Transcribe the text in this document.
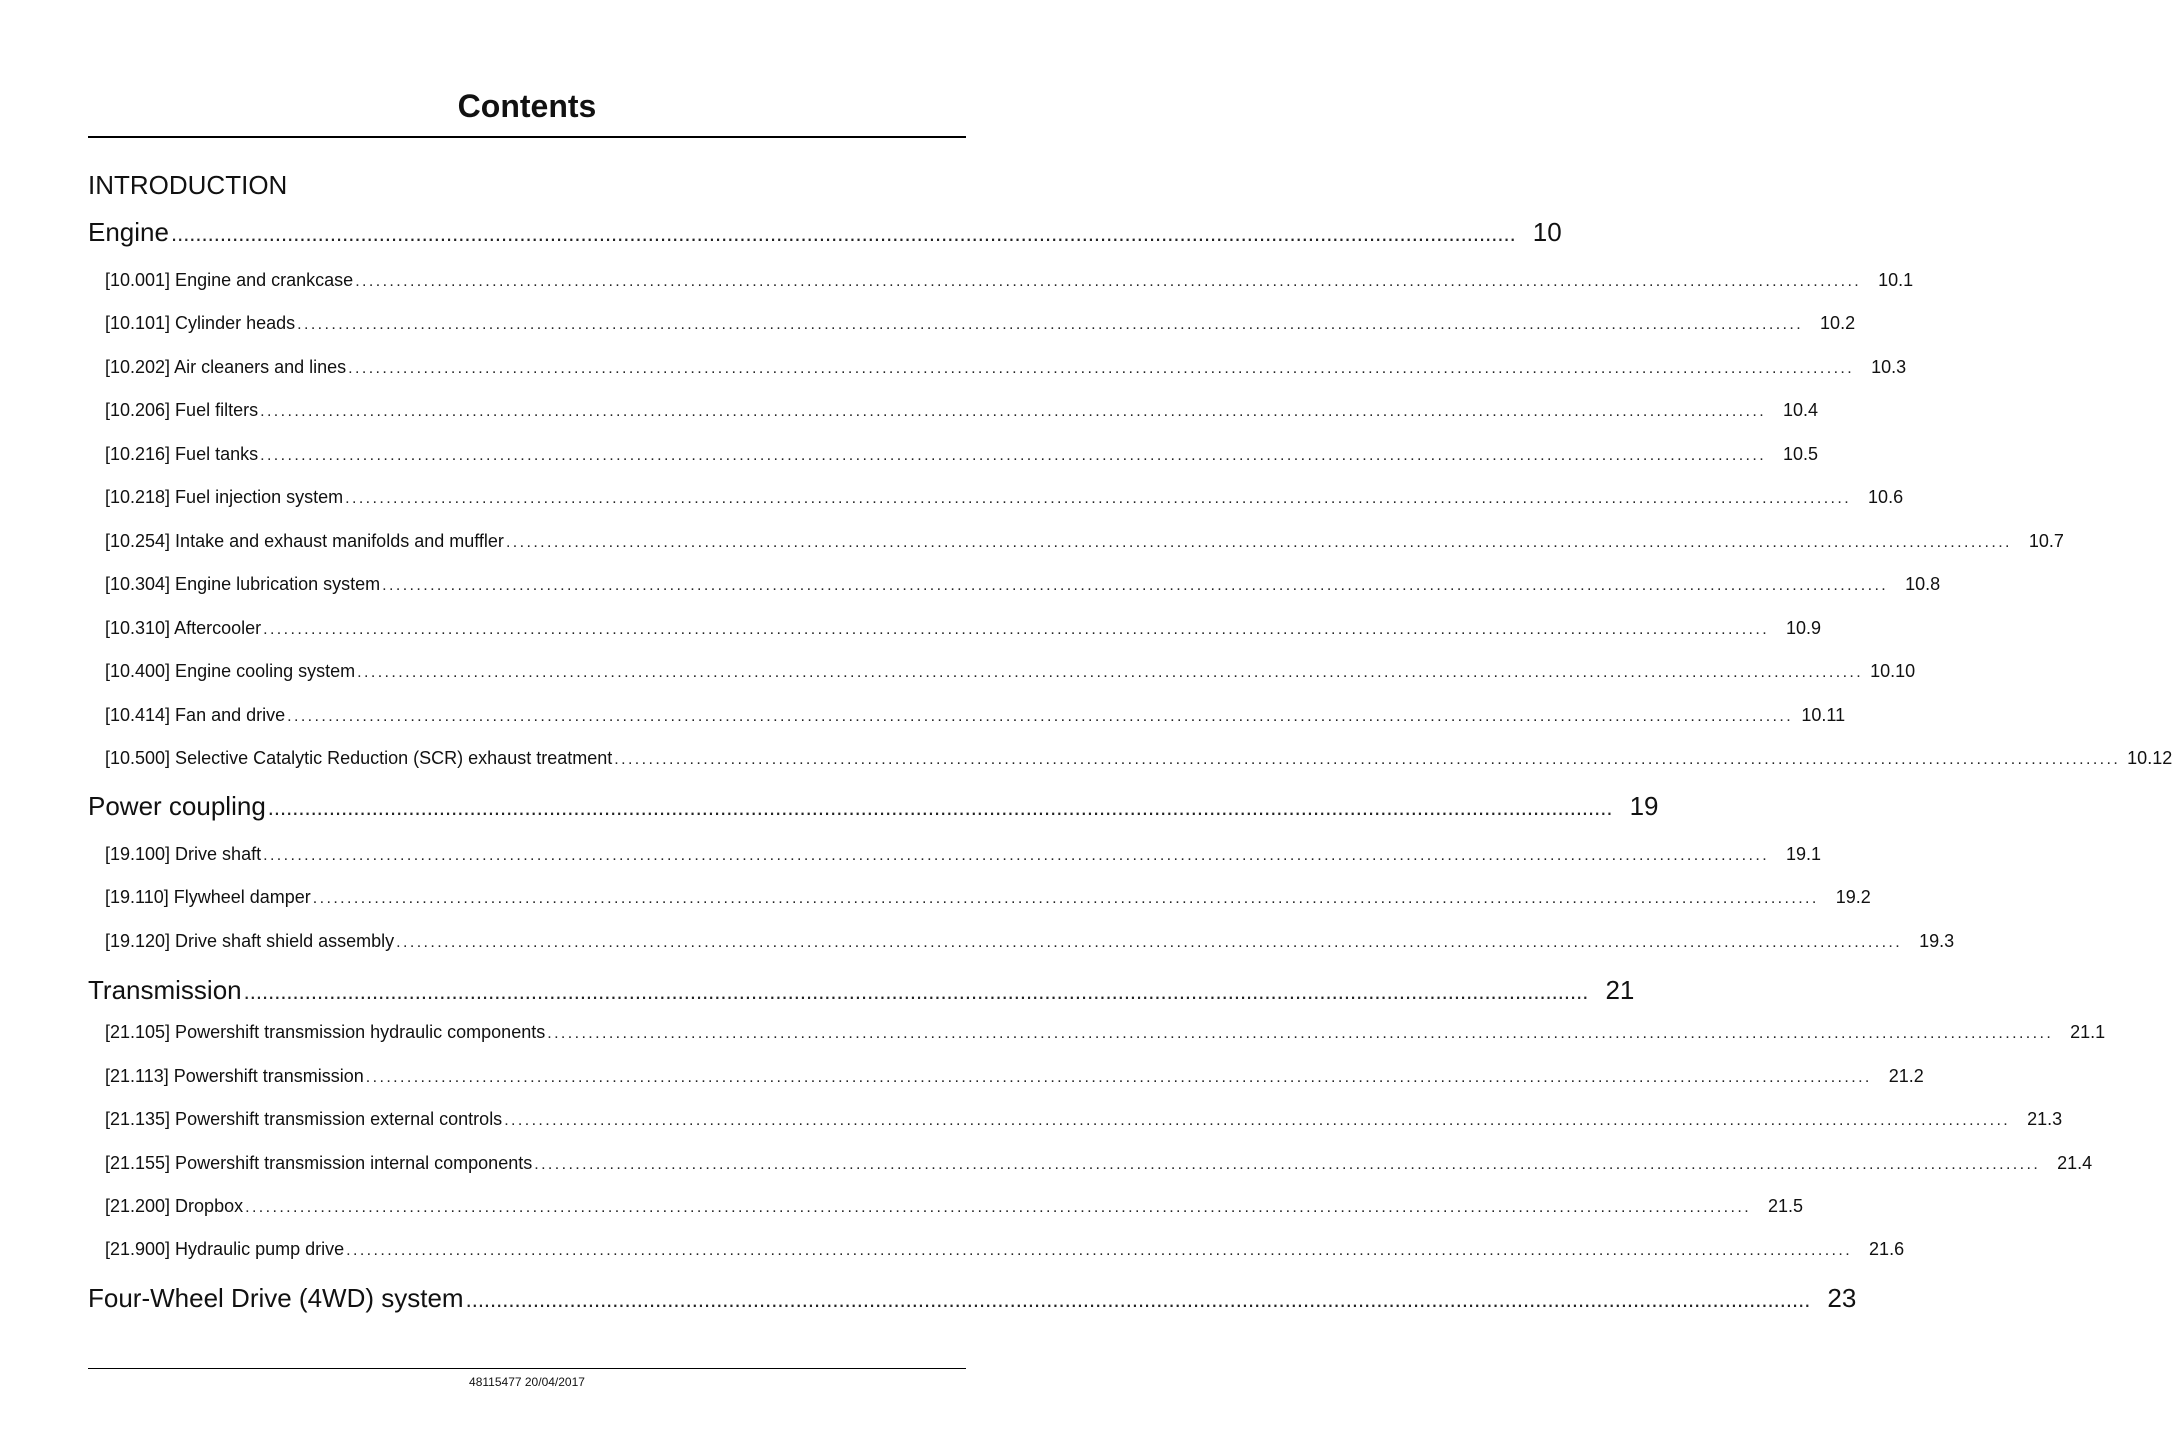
Contents
INTRODUCTION
Engine ............................................................................................................................................................................................................................ 10
[10.001] Engine and crankcase ............................................................................................................................................................................................................................ 10.1
[10.101] Cylinder heads ............................................................................................................................................................................................................................ 10.2
[10.202] Air cleaners and lines ............................................................................................................................................................................................................................ 10.3
[10.206] Fuel filters ............................................................................................................................................................................................................................ 10.4
[10.216] Fuel tanks ............................................................................................................................................................................................................................ 10.5
[10.218] Fuel injection system ............................................................................................................................................................................................................................ 10.6
[10.254] Intake and exhaust manifolds and muffler ............................................................................................................................................................................................................................ 10.7
[10.304] Engine lubrication system ............................................................................................................................................................................................................................ 10.8
[10.310] Aftercooler ............................................................................................................................................................................................................................ 10.9
[10.400] Engine cooling system ............................................................................................................................................................................................................................ 10.10
[10.414] Fan and drive ............................................................................................................................................................................................................................ 10.11
[10.500] Selective Catalytic Reduction (SCR) exhaust treatment ............................................................................................................................................................................................................................ 10.12
Power coupling ............................................................................................................................................................................................................................ 19
[19.100] Drive shaft ............................................................................................................................................................................................................................ 19.1
[19.110] Flywheel damper ............................................................................................................................................................................................................................ 19.2
[19.120] Drive shaft shield assembly ............................................................................................................................................................................................................................ 19.3
Transmission ............................................................................................................................................................................................................................ 21
[21.105] Powershift transmission hydraulic components ............................................................................................................................................................................................................................ 21.1
[21.113] Powershift transmission ............................................................................................................................................................................................................................ 21.2
[21.135] Powershift transmission external controls ............................................................................................................................................................................................................................ 21.3
[21.155] Powershift transmission internal components ............................................................................................................................................................................................................................ 21.4
[21.200] Dropbox ............................................................................................................................................................................................................................ 21.5
[21.900] Hydraulic pump drive ............................................................................................................................................................................................................................ 21.6
Four-Wheel Drive (4WD) system ............................................................................................................................................................................................................................ 23
48115477 20/04/2017
